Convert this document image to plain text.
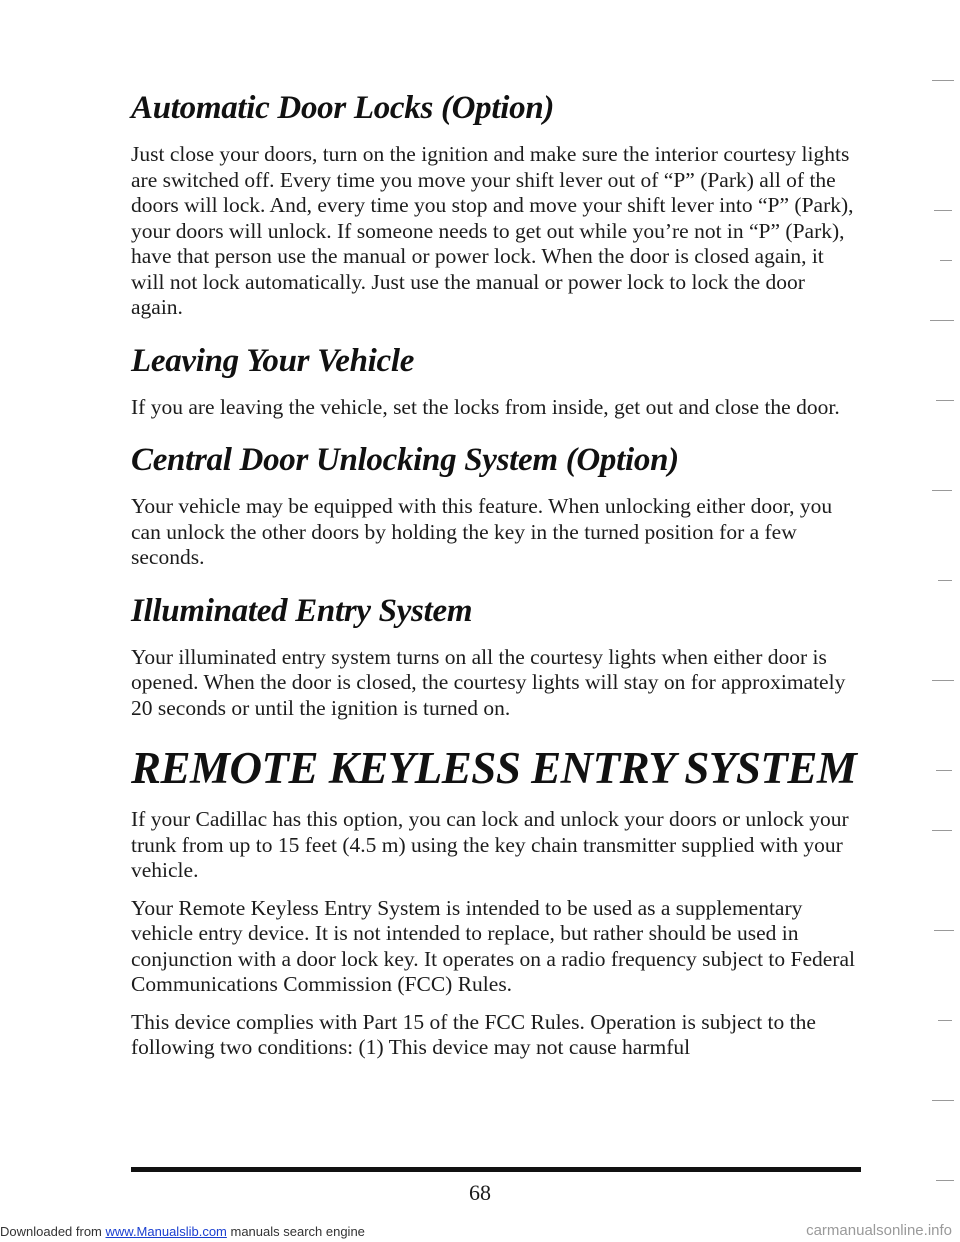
Automatic Door Locks (Option)

Just close your doors, turn on the ignition and make sure the interior courtesy lights are switched off. Every time you move your shift lever out of “P” (Park) all of the doors will lock. And, every time you stop and move your shift lever into “P” (Park), your doors will unlock. If someone needs to get out while you’re not in “P” (Park), have that person use the manual or power lock. When the door is closed again, it will not lock automatically. Just use the manual or power lock to lock the door again.

Leaving Your Vehicle

If you are leaving the vehicle, set the locks from inside, get out and close the door.

Central Door Unlocking System (Option)

Your vehicle may be equipped with this feature. When unlocking either door, you can unlock the other doors by holding the key in the turned position for a few seconds.

Illuminated Entry System

Your illuminated entry system turns on all the courtesy lights when either door is opened. When the door is closed, the courtesy lights will stay on for approximately 20 seconds or until the ignition is turned on.

REMOTE KEYLESS ENTRY SYSTEM

If your Cadillac has this option, you can lock and unlock your doors or unlock your trunk from up to 15 feet (4.5 m) using the key chain transmitter supplied with your vehicle.

Your Remote Keyless Entry System is intended to be used as a supplementary vehicle entry device. It is not intended to replace, but rather should be used in conjunction with a door lock key. It operates on a radio frequency subject to Federal Communications Commission (FCC) Rules.

This device complies with Part 15 of the FCC Rules. Operation is subject to the following two conditions: (1) This device may not cause harmful

68
Downloaded from www.Manualslib.com manuals search engine	carmanualsonline.info
